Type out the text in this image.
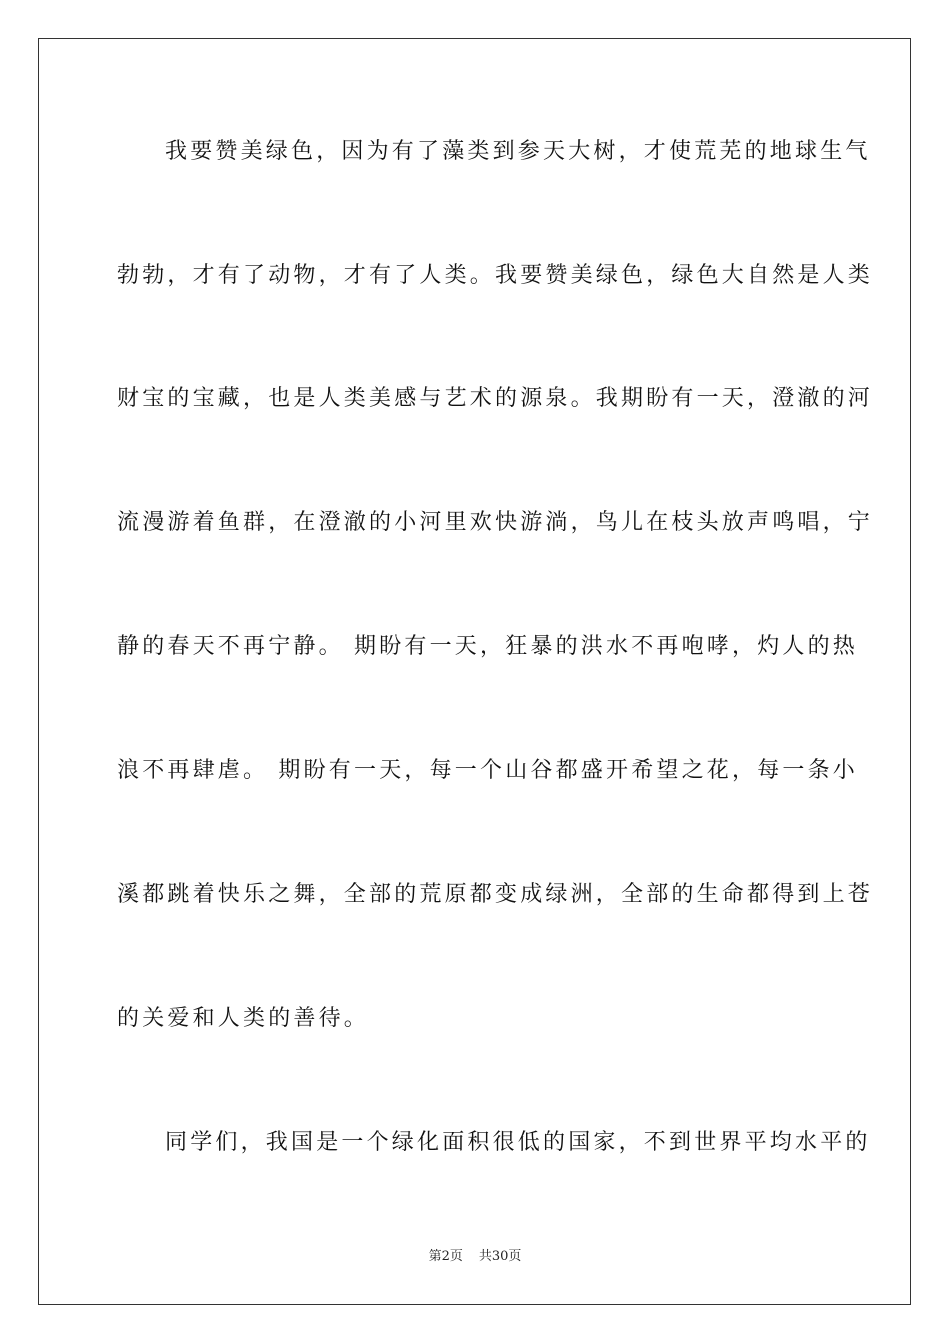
我要赞美绿色，因为有了藻类到参天大树，才使荒芜的地球生气
勃勃，才有了动物，才有了人类。我要赞美绿色，绿色大自然是人类
财宝的宝藏，也是人类美感与艺术的源泉。我期盼有一天，澄澈的河
流漫游着鱼群，在澄澈的小河里欢快游淌，鸟儿在枝头放声鸣唱，宁
静的春天不再宁静。 期盼有一天，狂暴的洪水不再咆哮，灼人的热
浪不再肆虐。 期盼有一天，每一个山谷都盛开希望之花，每一条小
溪都跳着快乐之舞，全部的荒原都变成绿洲，全部的生命都得到上苍
的关爱和人类的善待。
同学们，我国是一个绿化面积很低的国家，不到世界平均水平的
第2页 共30页
